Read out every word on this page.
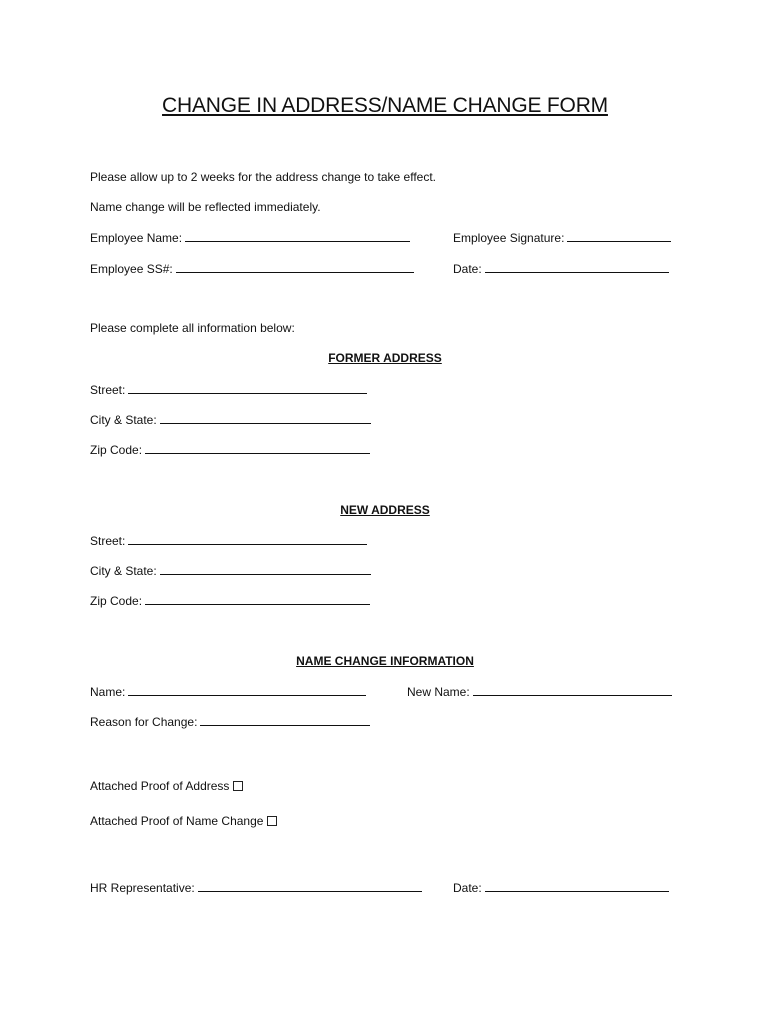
CHANGE IN ADDRESS/NAME CHANGE FORM
Please allow up to 2 weeks for the address change to take effect.
Name change will be reflected immediately.
Employee Name:	Employee Signature:
Employee SS#:	Date:
Please complete all information below:
FORMER ADDRESS
Street:
City & State:
Zip Code:
NEW ADDRESS
Street:
City & State:
Zip Code:
NAME CHANGE INFORMATION
Name:	New Name:
Reason for Change:
Attached Proof of Address
Attached Proof of Name Change
HR Representative:	Date:
